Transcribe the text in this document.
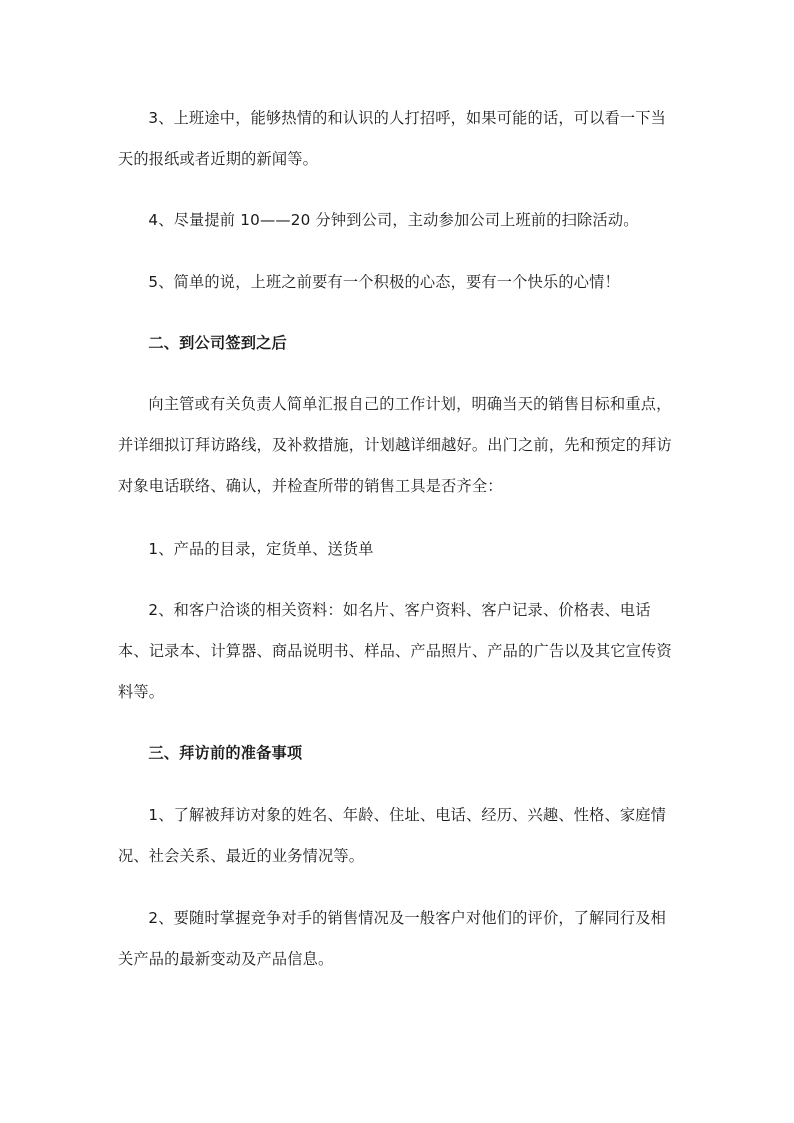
3、上班途中，能够热情的和认识的人打招呼，如果可能的话，可以看一下当天的报纸或者近期的新闻等。

4、尽量提前 10——20 分钟到公司，主动参加公司上班前的扫除活动。

5、简单的说，上班之前要有一个积极的心态，要有一个快乐的心情！

二、到公司签到之后

向主管或有关负责人简单汇报自己的工作计划，明确当天的销售目标和重点，并详细拟订拜访路线，及补救措施，计划越详细越好。出门之前，先和预定的拜访对象电话联络、确认，并检查所带的销售工具是否齐全：

1、产品的目录，定货单、送货单

2、和客户洽谈的相关资料：如名片、客户资料、客户记录、价格表、电话本、记录本、计算器、商品说明书、样品、产品照片、产品的广告以及其它宣传资料等。

三、拜访前的准备事项

1、了解被拜访对象的姓名、年龄、住址、电话、经历、兴趣、性格、家庭情况、社会关系、最近的业务情况等。

2、要随时掌握竞争对手的销售情况及一般客户对他们的评价，了解同行及相关产品的最新变动及产品信息。
